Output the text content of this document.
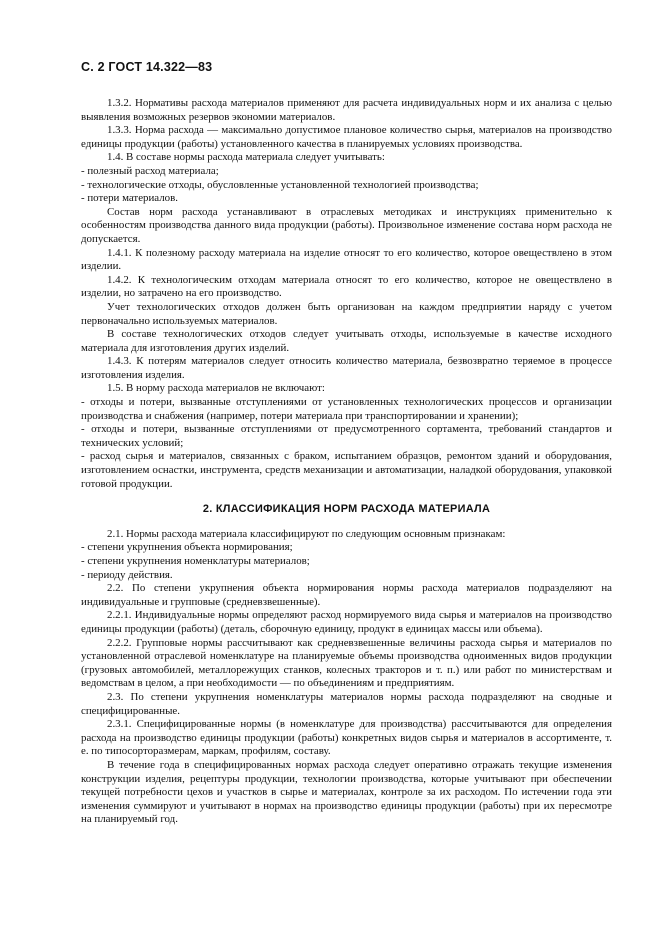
С. 2 ГОСТ 14.322—83

1.3.2. Нормативы расхода материалов применяют для расчета индивидуальных норм и их анализа с целью выявления возможных резервов экономии материалов.

1.3.3. Норма расхода — максимально допустимое плановое количество сырья, материалов на производство единицы продукции (работы) установленного качества в планируемых условиях производства.

1.4. В составе нормы расхода материала следует учитывать:

- полезный расход материала;

- технологические отходы, обусловленные установленной технологией производства;

- потери материалов.

Состав норм расхода устанавливают в отраслевых методиках и инструкциях применительно к особенностям производства данного вида продукции (работы). Произвольное изменение состава норм расхода не допускается.

1.4.1. К полезному расходу материала на изделие относят то его количество, которое овеществлено в этом изделии.

1.4.2. К технологическим отходам материала относят то его количество, которое не овеществлено в изделии, но затрачено на его производство.

Учет технологических отходов должен быть организован на каждом предприятии наряду с учетом первоначально используемых материалов.

В составе технологических отходов следует учитывать отходы, используемые в качестве исходного материала для изготовления других изделий.

1.4.3. К потерям материалов следует относить количество материала, безвозвратно теряемое в процессе изготовления изделия.

1.5. В норму расхода материалов не включают:

- отходы и потери, вызванные отступлениями от установленных технологических процессов и организации производства и снабжения (например, потери материала при транспортировании и хранении);

- отходы и потери, вызванные отступлениями от предусмотренного сортамента, требований стандартов и технических условий;

- расход сырья и материалов, связанных с браком, испытанием образцов, ремонтом зданий и оборудования, изготовлением оснастки, инструмента, средств механизации и автоматизации, наладкой оборудования, упаковкой готовой продукции.

2. КЛАССИФИКАЦИЯ НОРМ РАСХОДА МАТЕРИАЛА

2.1. Нормы расхода материала классифицируют по следующим основным признакам:

- степени укрупнения объекта нормирования;

- степени укрупнения номенклатуры материалов;

- периоду действия.

2.2. По степени укрупнения объекта нормирования нормы расхода материалов подразделяют на индивидуальные и групповые (средневзвешенные).

2.2.1. Индивидуальные нормы определяют расход нормируемого вида сырья и материалов на производство единицы продукции (работы) (деталь, сборочную единицу, продукт в единицах массы или объема).

2.2.2. Групповые нормы рассчитывают как средневзвешенные величины расхода сырья и материалов по установленной отраслевой номенклатуре на планируемые объемы производства одноименных видов продукции (грузовых автомобилей, металлорежущих станков, колесных тракторов и т. п.) или работ по министерствам и ведомствам в целом, а при необходимости — по объединениям и предприятиям.

2.3. По степени укрупнения номенклатуры материалов нормы расхода подразделяют на сводные и специфицированные.

2.3.1. Специфицированные нормы (в номенклатуре для производства) рассчитываются для определения расхода на производство единицы продукции (работы) конкретных видов сырья и материалов в ассортименте, т. е. по типосорторазмерам, маркам, профилям, составу.

В течение года в специфицированных нормах расхода следует оперативно отражать текущие изменения конструкции изделия, рецептуры продукции, технологии производства, которые учитывают при обеспечении текущей потребности цехов и участков в сырье и материалах, контроле за их расходом. По истечении года эти изменения суммируют и учитывают в нормах на производство единицы продукции (работы) при их пересмотре на планируемый год.
